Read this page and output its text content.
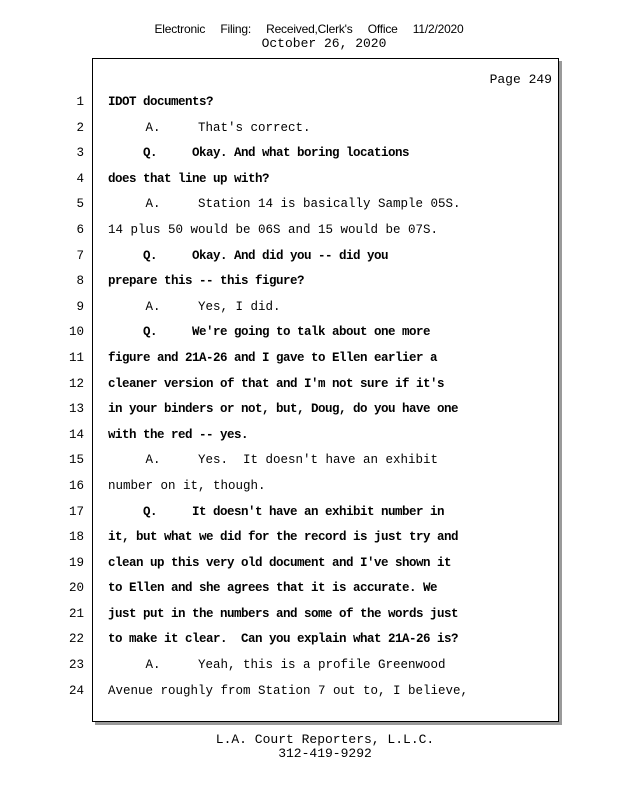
Electronic Filing: Received,Clerk's Office 11/2/2020
October 26, 2020
Page 249
1
2
3
4
5
6
7
8
9
10
11
12
13
14
15
16
17
18
19
20
21
22
23
24
IDOT documents?
A.     That's correct.
Q.     Okay. And what boring locations
does that line up with?
A.     Station 14 is basically Sample 05S.
14 plus 50 would be 06S and 15 would be 07S.
Q.     Okay. And did you -- did you
prepare this -- this figure?
A.     Yes, I did.
Q.     We're going to talk about one more
figure and 21A-26 and I gave to Ellen earlier a
cleaner version of that and I'm not sure if it's
in your binders or not, but, Doug, do you have one
with the red -- yes.
A.     Yes.  It doesn't have an exhibit
number on it, though.
Q.     It doesn't have an exhibit number in
it, but what we did for the record is just try and
clean up this very old document and I've shown it
to Ellen and she agrees that it is accurate. We
just put in the numbers and some of the words just
to make it clear.  Can you explain what 21A-26 is?
A.     Yeah, this is a profile Greenwood
Avenue roughly from Station 7 out to, I believe,
L.A. Court Reporters, L.L.C.
312-419-9292
